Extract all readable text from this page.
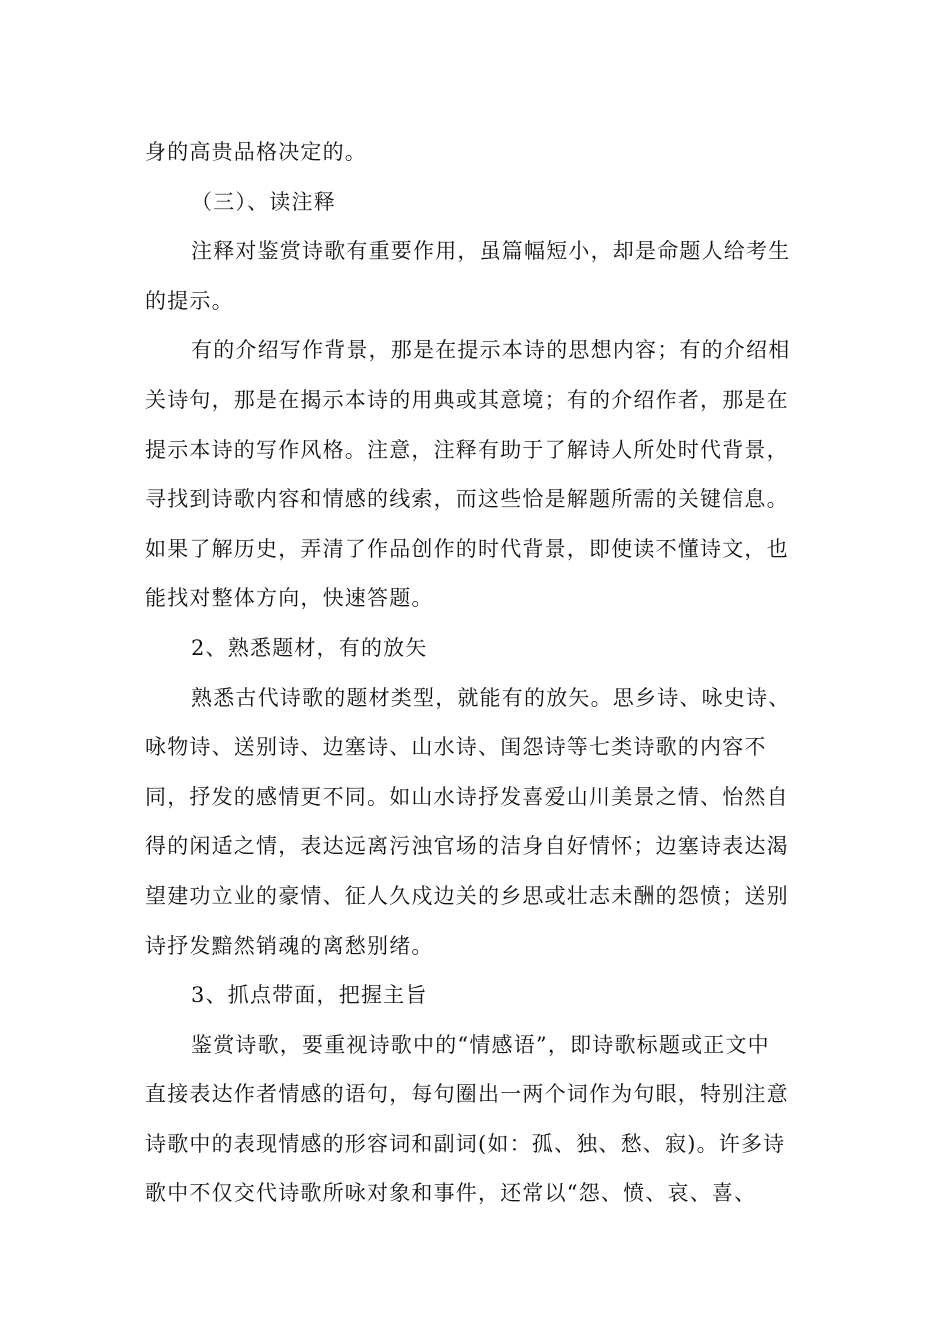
身的高贵品格决定的。
（三）、读注释
注释对鉴赏诗歌有重要作用，虽篇幅短小，却是命题人给考生
的提示。
有的介绍写作背景，那是在提示本诗的思想内容；有的介绍相
关诗句，那是在揭示本诗的用典或其意境；有的介绍作者，那是在
提示本诗的写作风格。注意，注释有助于了解诗人所处时代背景，
寻找到诗歌内容和情感的线索，而这些恰是解题所需的关键信息。
如果了解历史，弄清了作品创作的时代背景，即使读不懂诗文，也
能找对整体方向，快速答题。
2、熟悉题材，有的放矢
熟悉古代诗歌的题材类型，就能有的放矢。思乡诗、咏史诗、
咏物诗、送别诗、边塞诗、山水诗、闺怨诗等七类诗歌的内容不
同，抒发的感情更不同。如山水诗抒发喜爱山川美景之情、怡然自
得的闲适之情，表达远离污浊官场的洁身自好情怀；边塞诗表达渴
望建功立业的豪情、征人久戍边关的乡思或壮志未酬的怨愤；送别
诗抒发黯然销魂的离愁别绪。
3、抓点带面，把握主旨
鉴赏诗歌，要重视诗歌中的“情感语”，即诗歌标题或正文中
直接表达作者情感的语句，每句圈出一两个词作为句眼，特别注意
诗歌中的表现情感的形容词和副词(如：孤、独、愁、寂)。许多诗
歌中不仅交代诗歌所咏对象和事件，还常以“怨、愤、哀、喜、
